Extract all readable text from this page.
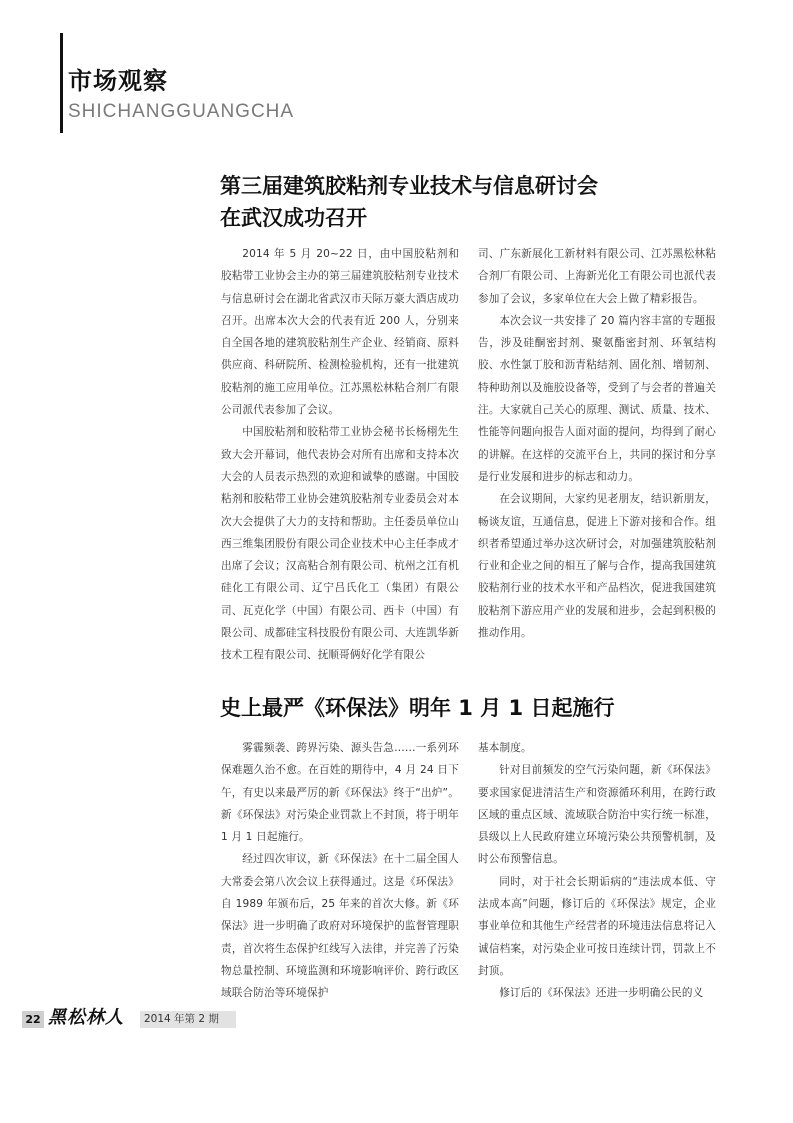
市场观察
SHICHANGGUANGCHA
第三届建筑胶粘剂专业技术与信息研讨会
在武汉成功召开

2014 年 5 月 20~22 日，由中国胶粘剂和胶粘带工业协会主办的第三届建筑胶粘剂专业技术与信息研讨会在湖北省武汉市天际万豪大酒店成功召开。出席本次大会的代表有近 200 人，分别来自全国各地的建筑胶粘剂生产企业、经销商、原料供应商、科研院所、检测检验机构，还有一批建筑胶粘剂的施工应用单位。江苏黑松林粘合剂厂有限公司派代表参加了会议。

中国胶粘剂和胶粘带工业协会秘书长杨栩先生致大会开幕词，他代表协会对所有出席和支持本次大会的人员表示热烈的欢迎和诚挚的感谢。中国胶粘剂和胶粘带工业协会建筑胶粘剂专业委员会对本次大会提供了大力的支持和帮助。主任委员单位山西三维集团股份有限公司企业技术中心主任李成才出席了会议；汉高粘合剂有限公司、杭州之江有机硅化工有限公司、辽宁吕氏化工（集团）有限公司、瓦克化学（中国）有限公司、西卡（中国）有限公司、成都硅宝科技股份有限公司、大连凯华新技术工程有限公司、抚顺哥俩好化学有限公

司、广东新展化工新材料有限公司、江苏黑松林粘合剂厂有限公司、上海新光化工有限公司也派代表参加了会议，多家单位在大会上做了精彩报告。

本次会议一共安排了 20 篇内容丰富的专题报告，涉及硅酮密封剂、聚氨酯密封剂、环氧结构胶、水性氯丁胶和沥青粘结剂、固化剂、增韧剂、特种助剂以及施胶设备等，受到了与会者的普遍关注。大家就自己关心的原理、测试、质量、技术、性能等问题向报告人面对面的提问，均得到了耐心的讲解。在这样的交流平台上，共同的探讨和分享是行业发展和进步的标志和动力。

在会议期间，大家约见老朋友，结识新朋友，畅谈友谊，互通信息，促进上下游对接和合作。组织者希望通过举办这次研讨会，对加强建筑胶粘剂行业和企业之间的相互了解与合作，提高我国建筑胶粘剂行业的技术水平和产品档次，促进我国建筑胶粘剂下游应用产业的发展和进步，会起到积极的推动作用。

史上最严《环保法》明年 1 月 1 日起施行

雾霾频袭、跨界污染、源头告急……一系列环保难题久治不愈。在百姓的期待中，4 月 24 日下午，有史以来最严厉的新《环保法》终于“出炉”。新《环保法》对污染企业罚款上不封顶，将于明年 1 月 1 日起施行。

经过四次审议，新《环保法》在十二届全国人大常委会第八次会议上获得通过。这是《环保法》自 1989 年颁布后，25 年来的首次大修。新《环保法》进一步明确了政府对环境保护的监督管理职责，首次将生态保护红线写入法律，并完善了污染物总量控制、环境监测和环境影响评价、跨行政区域联合防治等环境保护

基本制度。

针对目前频发的空气污染问题，新《环保法》要求国家促进清洁生产和资源循环利用，在跨行政区域的重点区域、流域联合防治中实行统一标准，县级以上人民政府建立环境污染公共预警机制，及时公布预警信息。

同时，对于社会长期诟病的“违法成本低、守法成本高”问题，修订后的《环保法》规定，企业事业单位和其他生产经营者的环境违法信息将记入诚信档案，对污染企业可按日连续计罚，罚款上不封顶。

修订后的《环保法》还进一步明确公民的义

22 黑松林人	2014 年第 2 期
